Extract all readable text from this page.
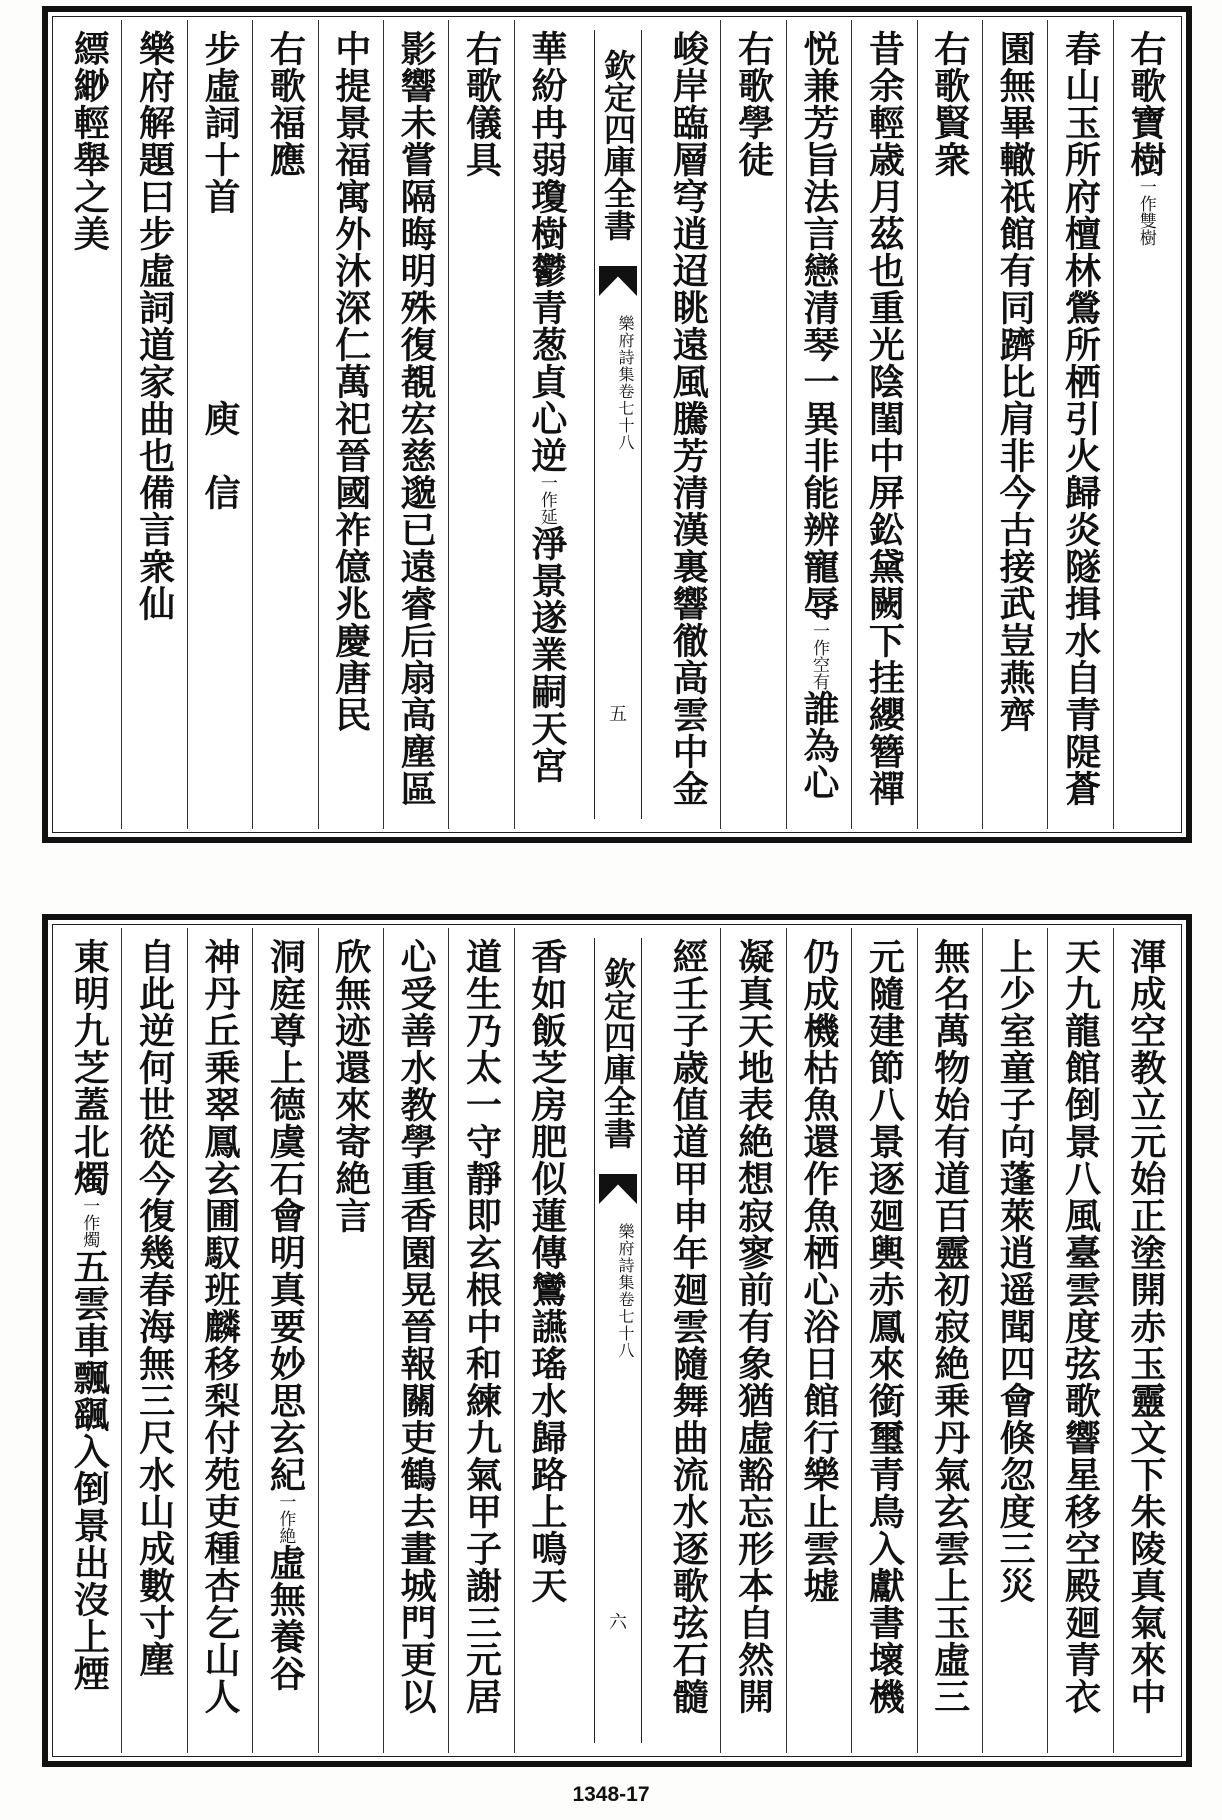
右歌寶樹$^{一作雙樹}$
春山玉所府檀林鶯所栖引火歸炎隧揖水自青隄蒼
園無畢轍祇館有同躋比肩非今古接武豈燕齊
右歌賢衆
昔余輕歳月茲也重光陰閨中屏鈆黛闕下挂纓簪禪
悦兼芳旨法言戀清琴一異非能辨寵辱$^{一作空有}$誰為心
右歌學徒
峻岸臨層穹逍迢眺遠風騰芳清漢裏響徹高雲中金
欽定四庫全書
樂府詩集卷七十八
五
華紛冉弱瓊樹鬱青葱貞心逆$^{一作延}$淨景遂業嗣天宮
右歌儀具
影響未嘗隔晦明殊復覩宏慈邈已遠睿后扇高塵區
中提景福寓外沐深仁萬祀晉國祚億兆慶唐民
右歌福應
步虛詞十首　　　　　庾　信
樂府解題曰步虛詞道家曲也備言衆仙
縹緲輕舉之美
渾成空教立元始正塗開赤玉靈文下朱陵真氣來中
天九龍館倒景八風臺雲度弦歌響星移空殿廻青衣
上少室童子向蓬萊逍遥聞四會倏忽度三災
無名萬物始有道百靈初寂絶乗丹氣玄雲上玉虛三
元隨建節八景逐廻輿赤鳳來銜璽青鳥入獻書壞機
仍成機枯魚還作魚栖心浴日館行樂止雲墟
凝真天地表絶想寂寥前有象猶虛豁忘形本自然開
經壬子歳值道甲申年廻雲隨舞曲流水逐歌弦石髓
欽定四庫全書
樂府詩集卷七十八
六
香如飯芝房肥似蓮傳鸞讌瑤水歸路上鳴天
道生乃太一守靜即玄根中和練九氣甲子謝三元居
心受善水教學重香園晃晉報關吏鶴去畫城門更以
欣無迹還來寄絶言
洞庭尊上德虞石會明真要妙思玄紀$^{一作絶}$虛無養谷
神丹丘乗翠鳳玄圃馭班麟移梨付苑吏種杏乞山人
自此逆何世從今復幾春海無三尺水山成數寸塵
東明九芝蓋北燭$^{一作燭}$五雲車飄颻入倒景出沒上煙
1348-17
